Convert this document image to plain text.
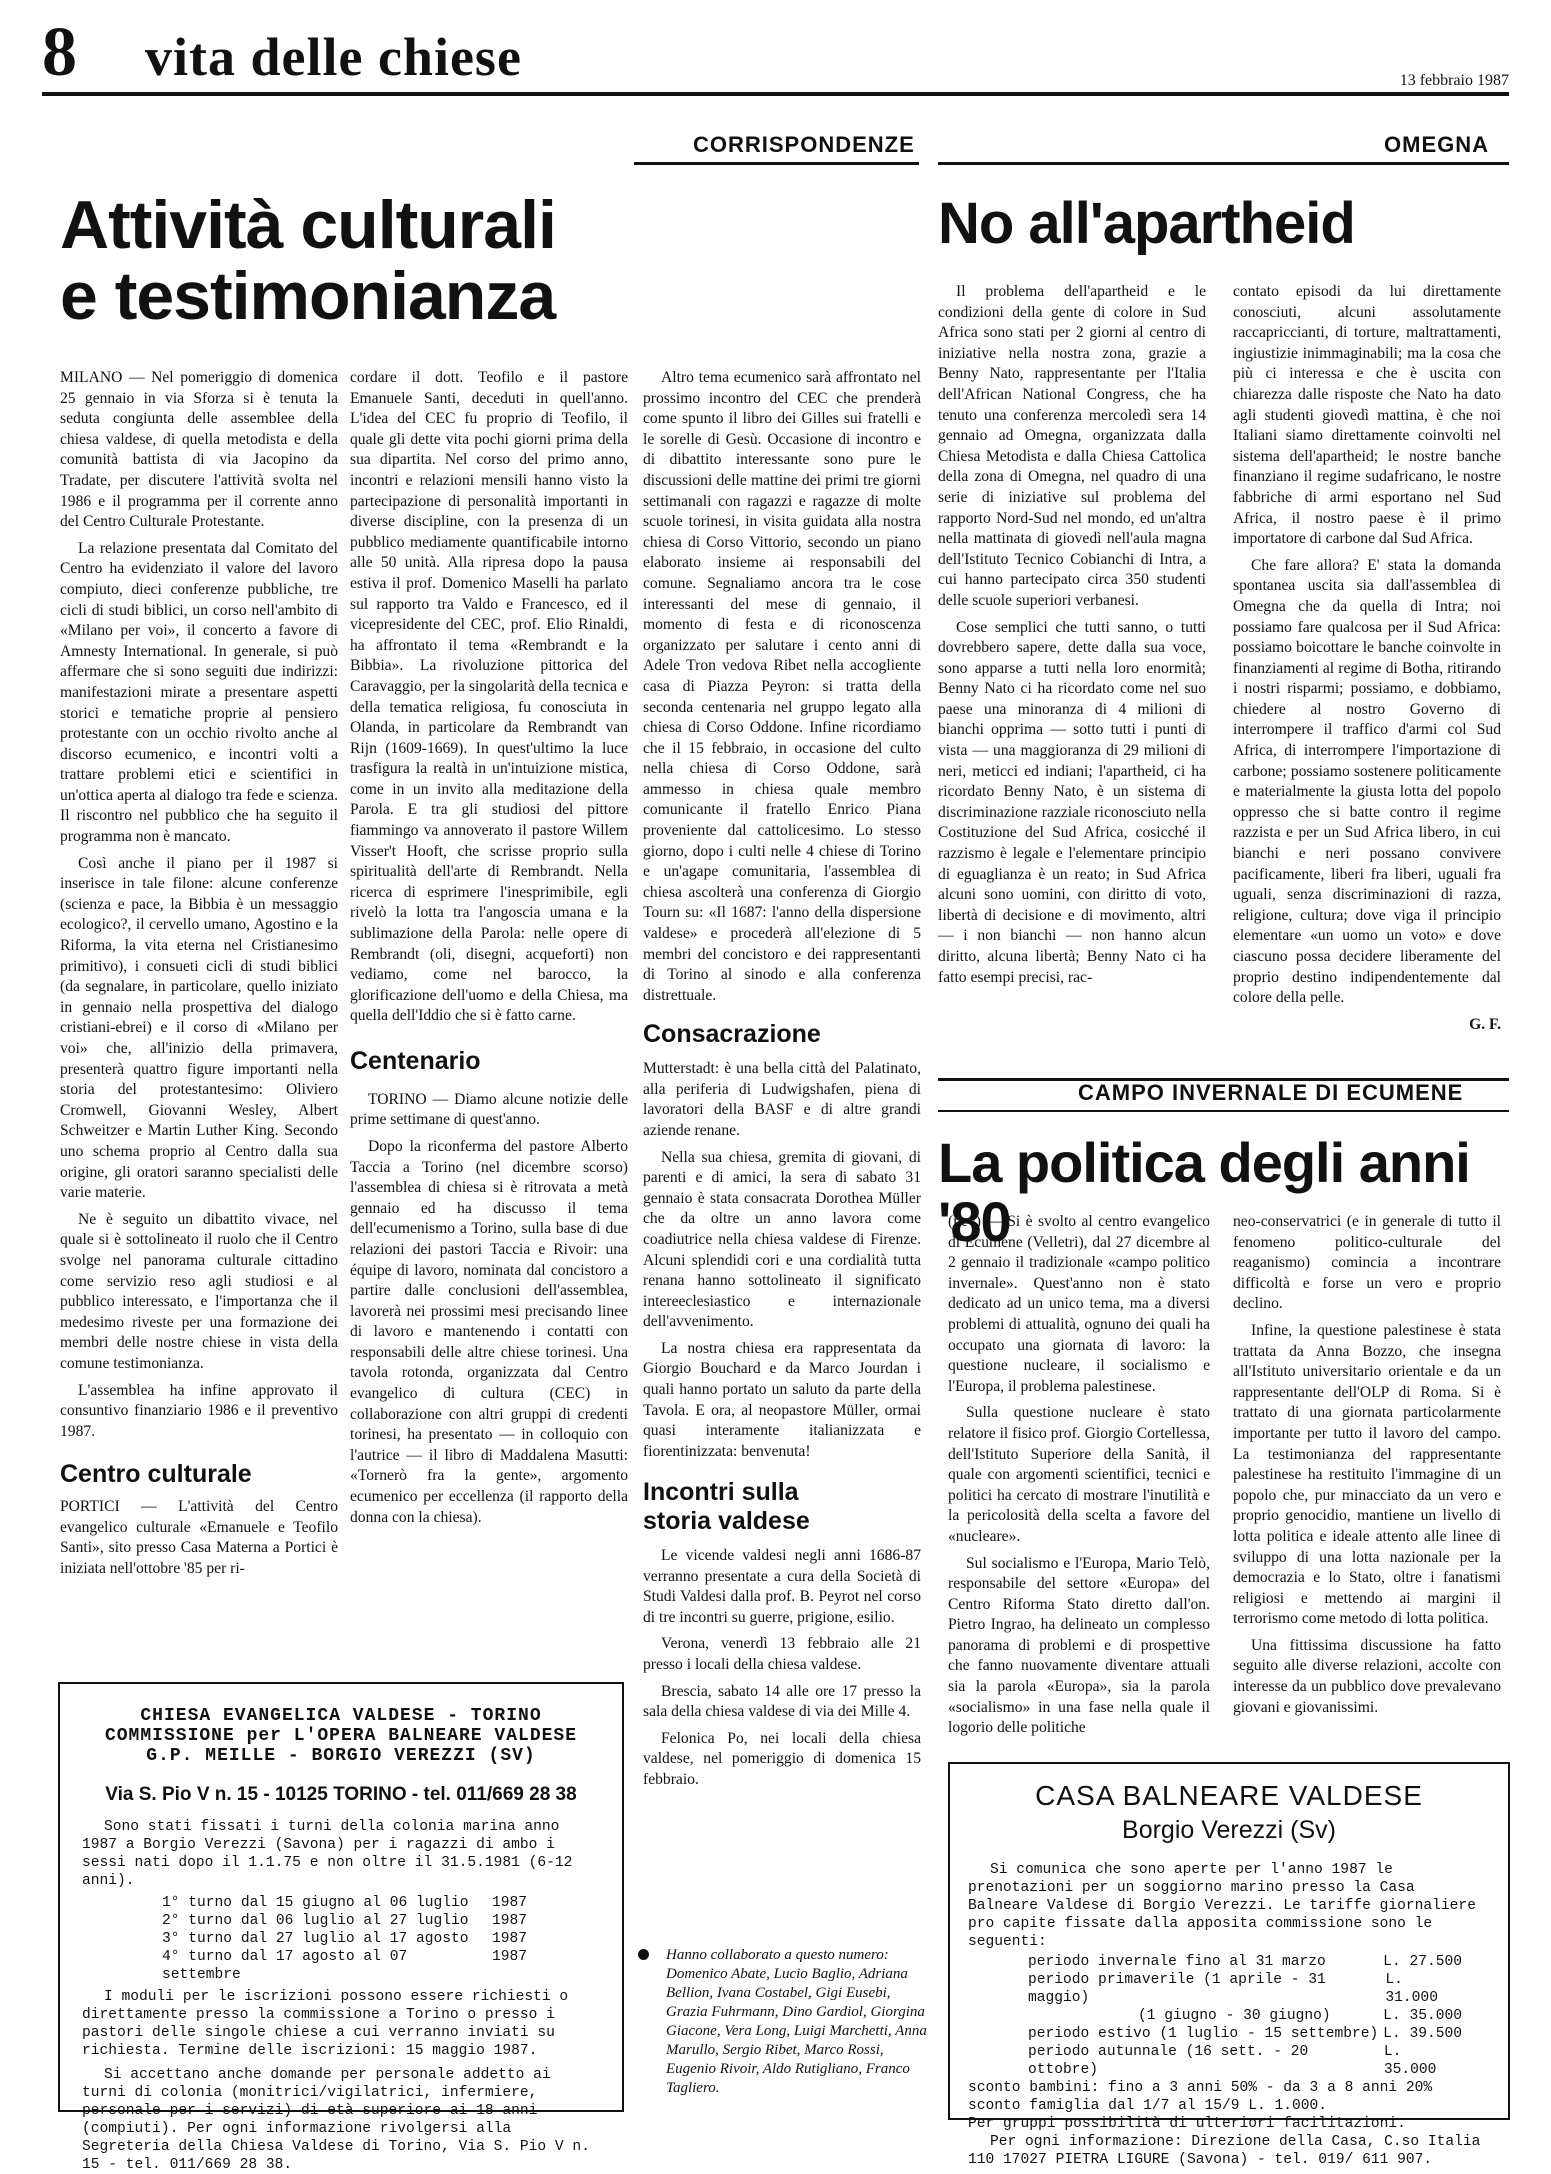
8 vita delle chiese	13 febbraio 1987
CORRISPONDENZE	OMEGNA
Attività culturali
e testimonianza

MILANO — Nel pomeriggio di domenica 25 gennaio in via Sforza si è tenuta la seduta congiunta delle assemblee della chiesa valdese, di quella metodista e della comunità battista di via Jacopino da Tradate, per discutere l'attività svolta nel 1986 e il programma per il corrente anno del Centro Culturale Protestante.

La relazione presentata dal Comitato del Centro ha evidenziato il valore del lavoro compiuto, dieci conferenze pubbliche, tre cicli di studi biblici, un corso nell'ambito di «Milano per voi», il concerto a favore di Amnesty International. In generale, si può affermare che si sono seguiti due indirizzi: manifestazioni mirate a presentare aspetti storici e tematiche proprie al pensiero protestante con un occhio rivolto anche al discorso ecumenico, e incontri volti a trattare problemi etici e scientifici in un'ottica aperta al dialogo tra fede e scienza. Il riscontro nel pubblico che ha seguito il programma non è mancato.

Così anche il piano per il 1987 si inserisce in tale filone: alcune conferenze (scienza e pace, la Bibbia è un messaggio ecologico?, il cervello umano, Agostino e la Riforma, la vita eterna nel Cristianesimo primitivo), i consueti cicli di studi biblici (da segnalare, in particolare, quello iniziato in gennaio nella prospettiva del dialogo cristiani-ebrei) e il corso di «Milano per voi» che, all'inizio della primavera, presenterà quattro figure importanti nella storia del protestantesimo: Oliviero Cromwell, Giovanni Wesley, Albert Schweitzer e Martin Luther King. Secondo uno schema proprio al Centro dalla sua origine, gli oratori saranno specialisti delle varie materie.

Ne è seguito un dibattito vivace, nel quale si è sottolineato il ruolo che il Centro svolge nel panorama culturale cittadino come servizio reso agli studiosi e al pubblico interessato, e l'importanza che il medesimo riveste per una formazione dei membri delle nostre chiese in vista della comune testimonianza.

L'assemblea ha infine approvato il consuntivo finanziario 1986 e il preventivo 1987.

Centro culturale

PORTICI — L'attività del Centro evangelico culturale «Emanuele e Teofilo Santi», sito presso Casa Materna a Portici è iniziata nell'ottobre '85 per ri-

cordare il dott. Teofilo e il pastore Emanuele Santi, deceduti in quell'anno. L'idea del CEC fu proprio di Teofilo, il quale gli dette vita pochi giorni prima della sua dipartita. Nel corso del primo anno, incontri e relazioni mensili hanno visto la partecipazione di personalità importanti in diverse discipline, con la presenza di un pubblico mediamente quantificabile intorno alle 50 unità. Alla ripresa dopo la pausa estiva il prof. Domenico Maselli ha parlato sul rapporto tra Valdo e Francesco, ed il vicepresidente del CEC, prof. Elio Rinaldi, ha affrontato il tema «Rembrandt e la Bibbia». La rivoluzione pittorica del Caravaggio, per la singolarità della tecnica e della tematica religiosa, fu conosciuta in Olanda, in particolare da Rembrandt van Rijn (1609-1669). In quest'ultimo la luce trasfigura la realtà in un'intuizione mistica, come in un invito alla meditazione della Parola. E tra gli studiosi del pittore fiammingo va annoverato il pastore Willem Visser't Hooft, che scrisse proprio sulla spiritualità dell'arte di Rembrandt. Nella ricerca di esprimere l'inesprimibile, egli rivelò la lotta tra l'angoscia umana e la sublimazione della Parola: nelle opere di Rembrandt (oli, disegni, acqueforti) non vediamo, come nel barocco, la glorificazione dell'uomo e della Chiesa, ma quella dell'Iddio che si è fatto carne.

Centenario

TORINO — Diamo alcune notizie delle prime settimane di quest'anno.

Dopo la riconferma del pastore Alberto Taccia a Torino (nel dicembre scorso) l'assemblea di chiesa si è ritrovata a metà gennaio ed ha discusso il tema dell'ecumenismo a Torino, sulla base di due relazioni dei pastori Taccia e Rivoir: una équipe di lavoro, nominata dal concistoro a partire dalle conclusioni dell'assemblea, lavorerà nei prossimi mesi precisando linee di lavoro e mantenendo i contatti con responsabili delle altre chiese torinesi. Una tavola rotonda, organizzata dal Centro evangelico di cultura (CEC) in collaborazione con altri gruppi di credenti torinesi, ha presentato — in colloquio con l'autrice — il libro di Maddalena Masutti: «Tornerò fra la gente», argomento ecumenico per eccellenza (il rapporto della donna con la chiesa).

Altro tema ecumenico sarà affrontato nel prossimo incontro del CEC che prenderà come spunto il libro dei Gilles sui fratelli e le sorelle di Gesù. Occasione di incontro e di dibattito interessante sono pure le discussioni delle mattine dei primi tre giorni settimanali con ragazzi e ragazze di molte scuole torinesi, in visita guidata alla nostra chiesa di Corso Vittorio, secondo un piano elaborato insieme ai responsabili del comune. Segnaliamo ancora tra le cose interessanti del mese di gennaio, il momento di festa e di riconoscenza organizzato per salutare i cento anni di Adele Tron vedova Ribet nella accogliente casa di Piazza Peyron: si tratta della seconda centenaria nel gruppo legato alla chiesa di Corso Oddone. Infine ricordiamo che il 15 febbraio, in occasione del culto nella chiesa di Corso Oddone, sarà ammesso in chiesa quale membro comunicante il fratello Enrico Piana proveniente dal cattolicesimo. Lo stesso giorno, dopo i culti nelle 4 chiese di Torino e un'agape comunitaria, l'assemblea di chiesa ascolterà una conferenza di Giorgio Tourn su: «Il 1687: l'anno della dispersione valdese» e procederà all'elezione di 5 membri del concistoro e dei rappresentanti di Torino al sinodo e alla conferenza distrettuale.

Consacrazione

Mutterstadt: è una bella città del Palatinato, alla periferia di Ludwigshafen, piena di lavoratori della BASF e di altre grandi aziende renane.

Nella sua chiesa, gremita di giovani, di parenti e di amici, la sera di sabato 31 gennaio è stata consacrata Dorothea Müller che da oltre un anno lavora come coadiutrice nella chiesa valdese di Firenze. Alcuni splendidi cori e una cordialità tutta renana hanno sottolineato il significato intereeclesiastico e internazionale dell'avvenimento.

La nostra chiesa era rappresentata da Giorgio Bouchard e da Marco Jourdan i quali hanno portato un saluto da parte della Tavola. E ora, al neopastore Müller, ormai quasi interamente italianizzata e fiorentinizzata: benvenuta!

Incontri sulla
storia valdese

Le vicende valdesi negli anni 1686-87 verranno presentate a cura della Società di Studi Valdesi dalla prof. B. Peyrot nel corso di tre incontri su guerre, prigione, esilio.

Verona, venerdì 13 febbraio alle 21 presso i locali della chiesa valdese.

Brescia, sabato 14 alle ore 17 presso la sala della chiesa valdese di via dei Mille 4.

Felonica Po, nei locali della chiesa valdese, nel pomeriggio di domenica 15 febbraio.

No all'apartheid

Il problema dell'apartheid e le condizioni della gente di colore in Sud Africa sono stati per 2 giorni al centro di iniziative nella nostra zona, grazie a Benny Nato, rappresentante per l'Italia dell'African National Congress, che ha tenuto una conferenza mercoledì sera 14 gennaio ad Omegna, organizzata dalla Chiesa Metodista e dalla Chiesa Cattolica della zona di Omegna, nel quadro di una serie di iniziative sul problema del rapporto Nord-Sud nel mondo, ed un'altra nella mattinata di giovedì nell'aula magna dell'Istituto Tecnico Cobianchi di Intra, a cui hanno partecipato circa 350 studenti delle scuole superiori verbanesi.

Cose semplici che tutti sanno, o tutti dovrebbero sapere, dette dalla sua voce, sono apparse a tutti nella loro enormità; Benny Nato ci ha ricordato come nel suo paese una minoranza di 4 milioni di bianchi opprima — sotto tutti i punti di vista — una maggioranza di 29 milioni di neri, meticci ed indiani; l'apartheid, ci ha ricordato Benny Nato, è un sistema di discriminazione razziale riconosciuto nella Costituzione del Sud Africa, cosicché il razzismo è legale e l'elementare principio di eguaglianza è un reato; in Sud Africa alcuni sono uomini, con diritto di voto, libertà di decisione e di movimento, altri — i non bianchi — non hanno alcun diritto, alcuna libertà; Benny Nato ci ha fatto esempi precisi, rac-

contato episodi da lui direttamente conosciuti, alcuni assolutamente raccapriccianti, di torture, maltrattamenti, ingiustizie inimmaginabili; ma la cosa che più ci interessa e che è uscita con chiarezza dalle risposte che Nato ha dato agli studenti giovedì mattina, è che noi Italiani siamo direttamente coinvolti nel sistema dell'apartheid; le nostre banche finanziano il regime sudafricano, le nostre fabbriche di armi esportano nel Sud Africa, il nostro paese è il primo importatore di carbone dal Sud Africa.

Che fare allora? E' stata la domanda spontanea uscita sia dall'assemblea di Omegna che da quella di Intra; noi possiamo fare qualcosa per il Sud Africa: possiamo boicottare le banche coinvolte in finanziamenti al regime di Botha, ritirando i nostri risparmi; possiamo, e dobbiamo, chiedere al nostro Governo di interrompere il traffico d'armi col Sud Africa, di interrompere l'importazione di carbone; possiamo sostenere politicamente e materialmente la giusta lotta del popolo oppresso che si batte contro il regime razzista e per un Sud Africa libero, in cui bianchi e neri possano convivere pacificamente, liberi fra liberi, uguali fra uguali, senza discriminazioni di razza, religione, cultura; dove viga il principio elementare «un uomo un voto» e dove ciascuno possa decidere liberamente del proprio destino indipendentemente dal colore della pelle.

G. F.
CAMPO INVERNALE DI ECUMENE
La politica degli anni '80

(nev) — Si è svolto al centro evangelico di Ecumene (Velletri), dal 27 dicembre al 2 gennaio il tradizionale «campo politico invernale». Quest'anno non è stato dedicato ad un unico tema, ma a diversi problemi di attualità, ognuno dei quali ha occupato una giornata di lavoro: la questione nucleare, il socialismo e l'Europa, il problema palestinese.

Sulla questione nucleare è stato relatore il fisico prof. Giorgio Cortellessa, dell'Istituto Superiore della Sanità, il quale con argomenti scientifici, tecnici e politici ha cercato di mostrare l'inutilità e la pericolosità della scelta a favore del «nucleare».

Sul socialismo e l'Europa, Mario Telò, responsabile del settore «Europa» del Centro Riforma Stato diretto dall'on. Pietro Ingrao, ha delineato un complesso panorama di problemi e di prospettive che fanno nuovamente diventare attuali sia la parola «Europa», sia la parola «socialismo» in una fase nella quale il logorio delle politiche

neo-conservatrici (e in generale di tutto il fenomeno politico-culturale del reaganismo) comincia a incontrare difficoltà e forse un vero e proprio declino.

Infine, la questione palestinese è stata trattata da Anna Bozzo, che insegna all'Istituto universitario orientale e da un rappresentante dell'OLP di Roma. Si è trattato di una giornata particolarmente importante per tutto il lavoro del campo. La testimonianza del rappresentante palestinese ha restituito l'immagine di un popolo che, pur minacciato da un vero e proprio genocidio, mantiene un livello di lotta politica e ideale attento alle linee di sviluppo di una lotta nazionale per la democrazia e lo Stato, oltre i fanatismi religiosi e mettendo ai margini il terrorismo come metodo di lotta politica.

Una fittissima discussione ha fatto seguito alle diverse relazioni, accolte con interesse da un pubblico dove prevalevano giovani e giovanissimi.

CHIESA EVANGELICA VALDESE - TORINO
COMMISSIONE per L'OPERA BALNEARE VALDESE
G.P. MEILLE - BORGIO VEREZZI (SV)
Via S. Pio V n. 15 - 10125 TORINO - tel. 011/669 28 38
Sono stati fissati i turni della colonia marina anno 1987 a Borgio Verezzi (Savona) per i ragazzi di ambo i sessi nati dopo il 1.1.75 e non oltre il 31.5.1981 (6-12 anni).
1° turno dal 15 giugno al 06 luglio	1987
2° turno dal 06 luglio al 27 luglio	1987
3° turno dal 27 luglio al 17 agosto	1987
4° turno dal 17 agosto al 07 settembre
1987
I moduli per le iscrizioni possono essere richiesti o direttamente presso la commissione a Torino o presso i pastori delle singole chiese a cui verranno inviati su richiesta. Termine delle iscrizioni: 15 maggio 1987.
Si accettano anche domande per personale addetto ai turni di colonia (monitrici/vigilatrici, infermiere, personale per i servizi) di età superiore ai 18 anni (compiuti). Per ogni informazione rivolgersi alla Segreteria della Chiesa Valdese di Torino, Via S. Pio V n. 15 - tel. 011/669 28 38.
Hanno collaborato a questo numero: Domenico Abate, Lucio Baglio, Adriana Bellion, Ivana Costabel, Gigi Eusebi, Grazia Fuhrmann, Dino Gardiol, Giorgina Giacone, Vera Long, Luigi Marchetti, Anna Marullo, Sergio Ribet, Marco Rossi, Eugenio Rivoir, Aldo Rutigliano, Franco Tagliero.
CASA BALNEARE VALDESE
Borgio Verezzi (Sv)
Si comunica che sono aperte per l'anno 1987 le prenotazioni per un soggiorno marino presso la Casa Balneare Valdese di Borgio Verezzi. Le tariffe giornaliere pro capite fissate dalla apposita commissione sono le seguenti:
periodo invernale fino al 31 marzo	L. 27.500
periodo primaverile (1 aprile - 31 maggio)
L. 31.000
(1 giugno - 30 giugno)	L. 35.000
periodo estivo (1 luglio - 15 settembre) L. 39.500
periodo autunnale (16 sett. - 20 ottobre)
L. 35.000
sconto bambini: fino a 3 anni 50% - da 3 a 8 anni 20%
sconto famiglia dal 1/7 al 15/9 L. 1.000.
Per gruppi possibilità di ulteriori facilitazioni.
Per ogni informazione: Direzione della Casa, C.so Italia 110 17027 PIETRA LIGURE (Savona) - tel. 019/ 611 907.
